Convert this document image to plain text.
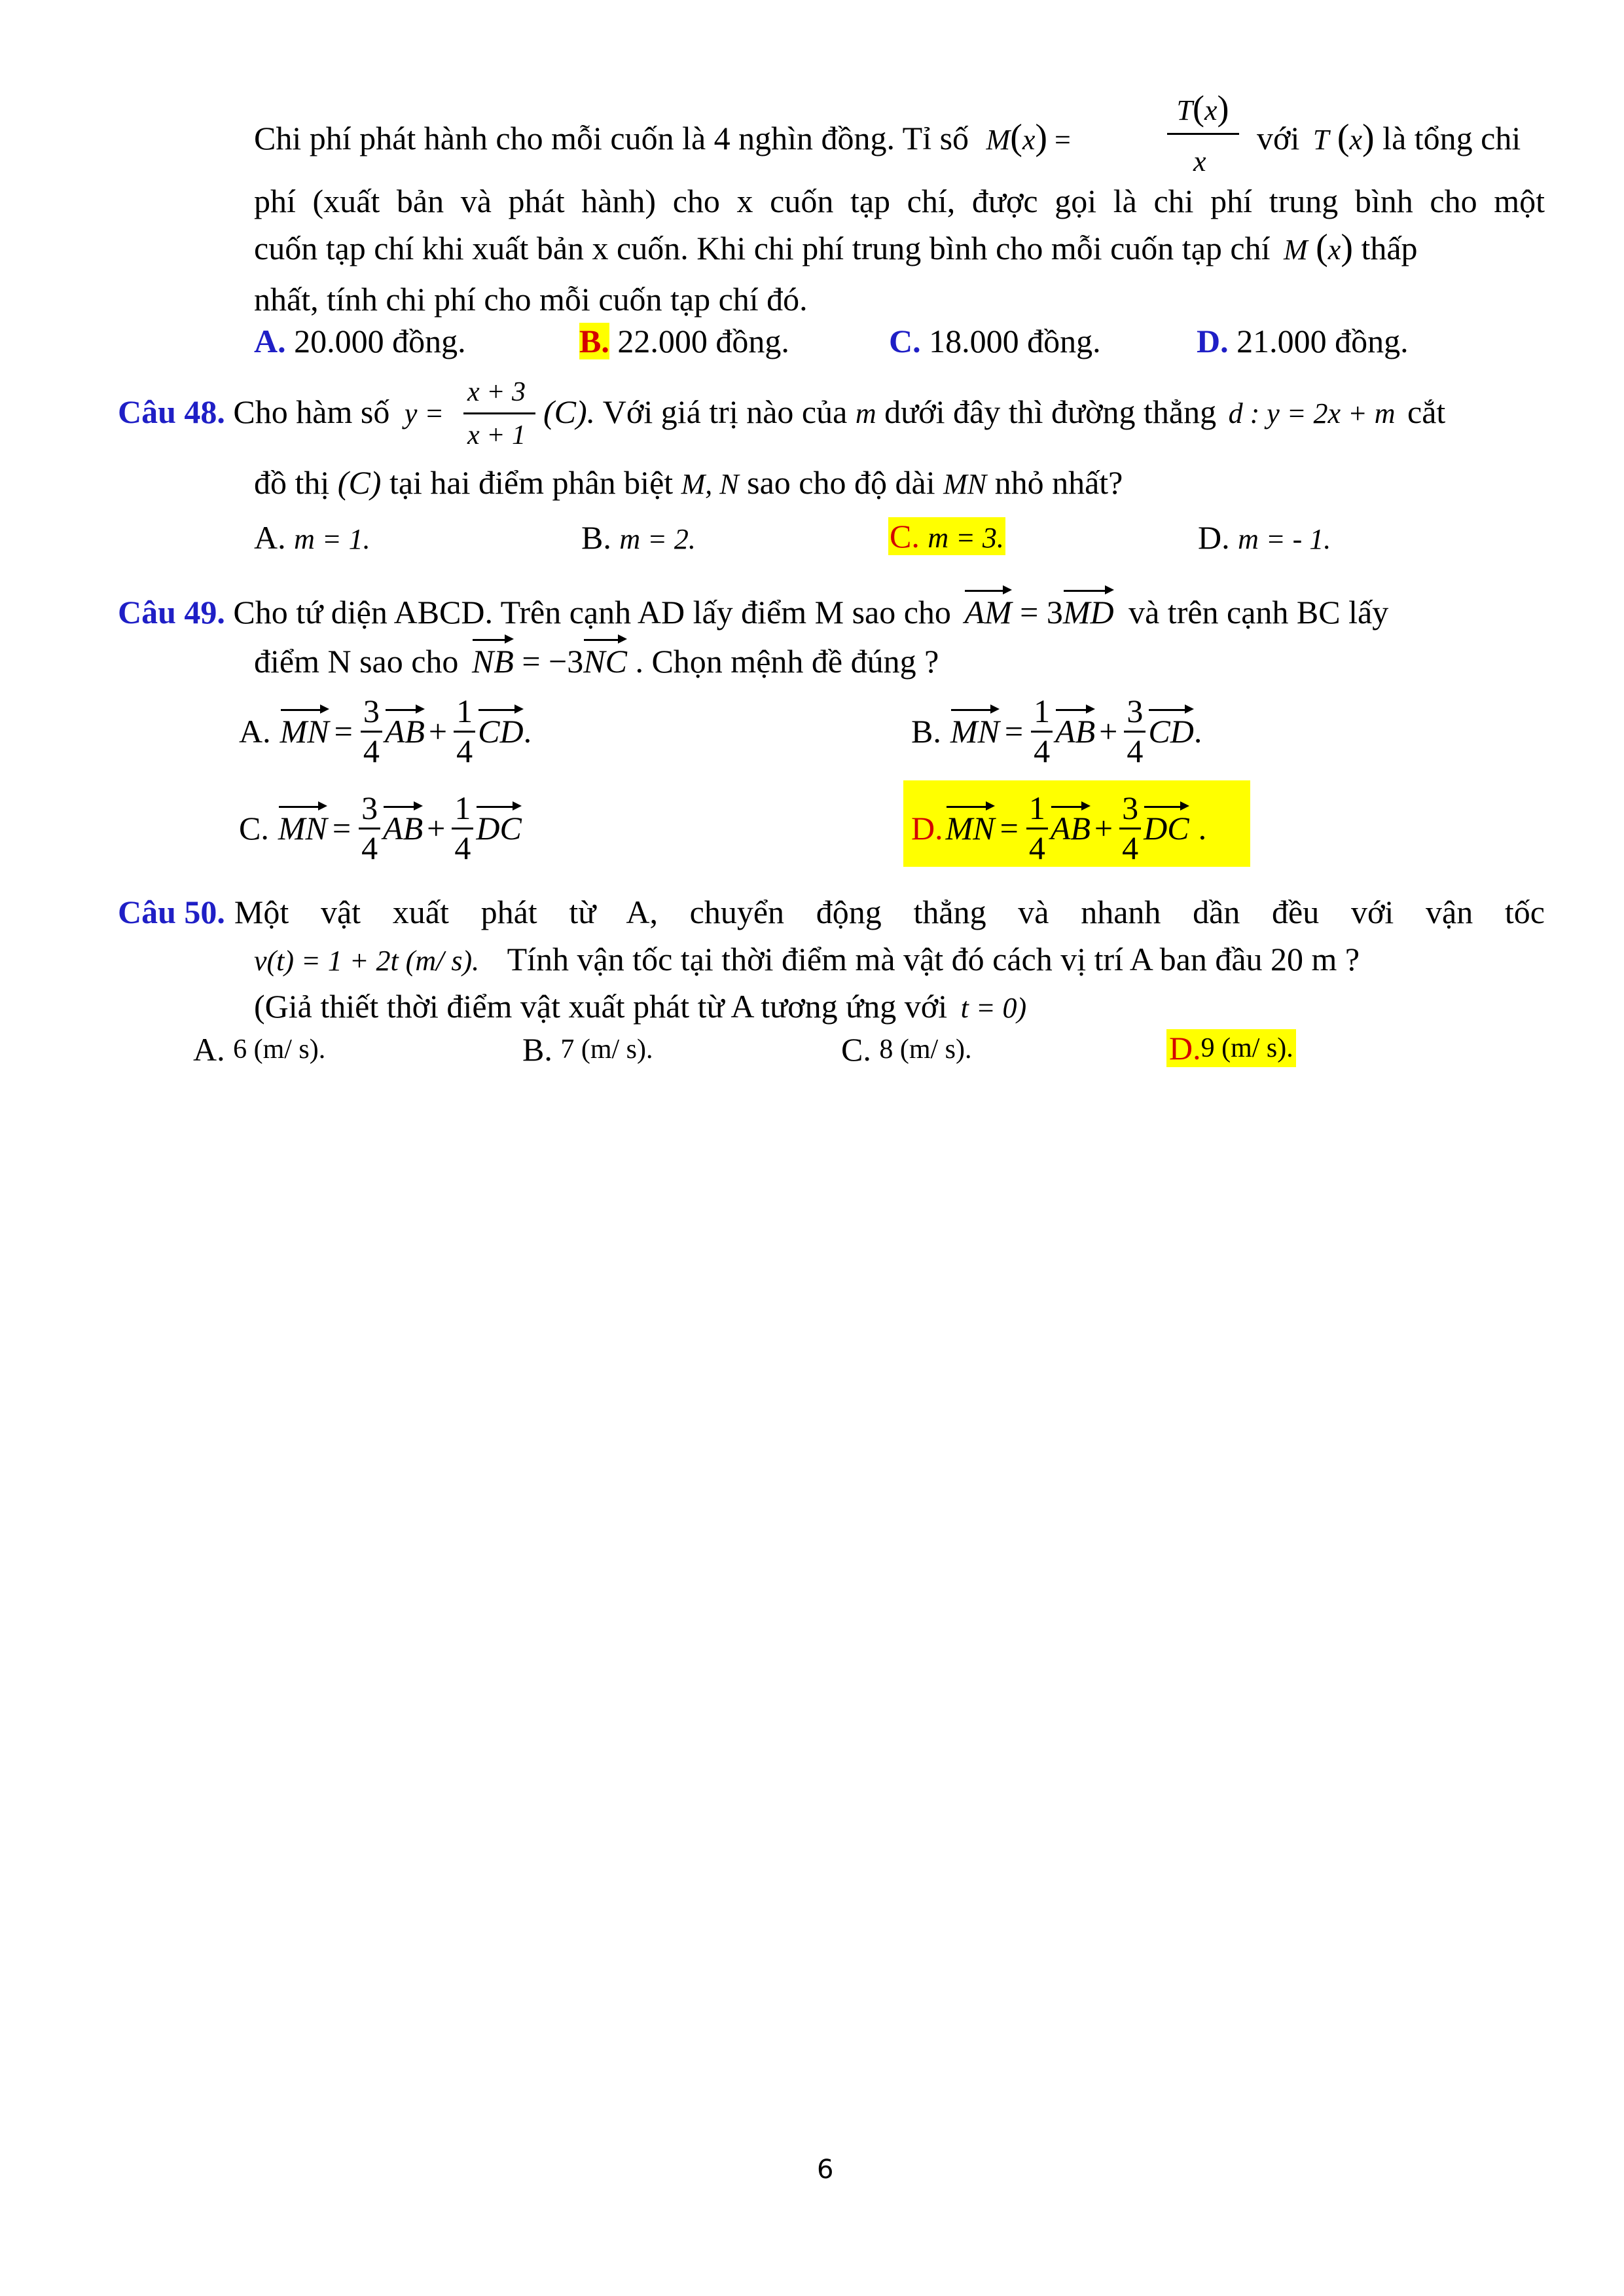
Chi phí phát hành cho mỗi cuốn là 4 nghìn đồng. Tỉ số M(x) =
T(x)
x
với T (x) là tổng chi
phí (xuất bản và phát hành) cho x cuốn tạp chí, được gọi là chi phí trung bình cho một
cuốn tạp chí khi xuất bản x cuốn. Khi chi phí trung bình cho mỗi cuốn tạp chí M (x) thấp
nhất, tính chi phí cho mỗi cuốn tạp chí đó.
A. 20.000 đồng.	B. 22.000 đồng.	C. 18.000 đồng.	D. 21.000 đồng.
Câu 48. Cho hàm số y =
x + 3
x + 1
(C). Với giá trị nào của m dưới đây thì đường thẳng d : y = 2x + m cắt
đồ thị (C) tại hai điểm phân biệt M, N sao cho độ dài MN nhỏ nhất?
A. m = 1.	B. m = 2.	C. m = 3.	D. m = - 1.
Câu 49. Cho tứ diện ABCD. Trên cạnh AD lấy điểm M sao cho AM = 3MD và trên cạnh BC lấy
điểm N sao cho NB = −3NC . Chọn mệnh đề đúng ?
A. MN = $\frac{3}{4}$ AB + $\frac{1}{4}$ CD .	B. MN = $\frac{1}{4}$ AB + $\frac{3}{4}$ CD .
C. MN = $\frac{3}{4}$ AB + $\frac{1}{4}$ DC	D. MN = $\frac{1}{4}$ AB + $\frac{3}{4}$ DC .
Câu 50. Một vật xuất phát từ A, chuyển động thẳng và nhanh dần đều với vận tốc
v(t) = 1 + 2t (m/ s). Tính vận tốc tại thời điểm mà vật đó cách vị trí A ban đầu 20 m ?
(Giả thiết thời điểm vật xuất phát từ A tương ứng với t = 0)
A. 6 (m/ s).	B. 7 (m/ s).	C. 8 (m/ s).	D.9 (m/ s).
6
